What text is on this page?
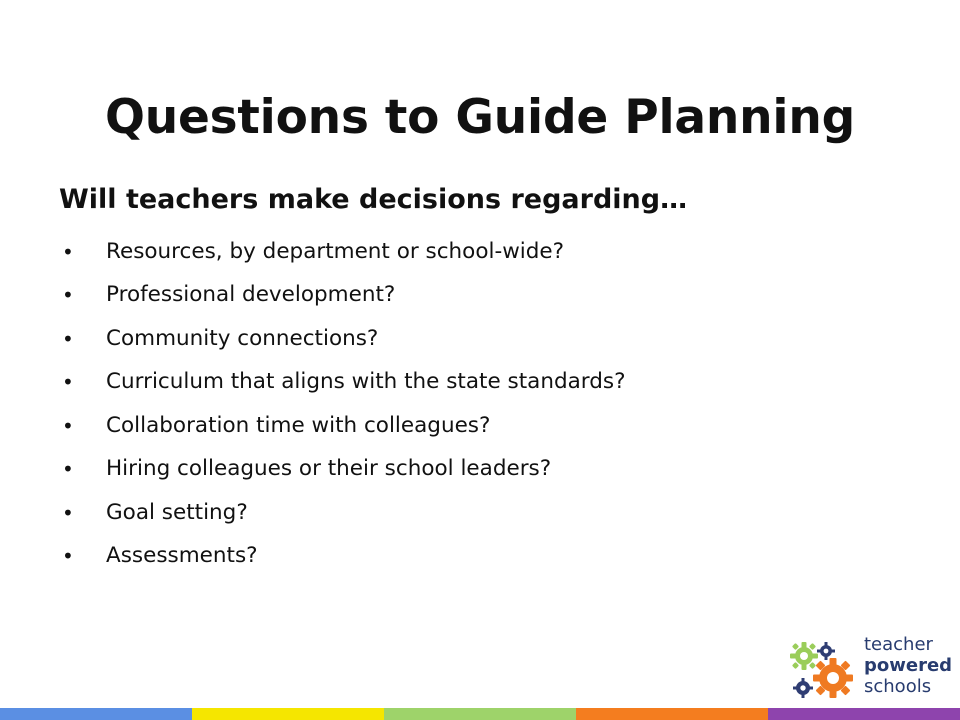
Questions to Guide Planning
Will teachers make decisions regarding…
•	Resources, by department or school-wide?
•	Professional development?
•	Community connections?
•	Curriculum that aligns with the state standards?
•	Collaboration time with colleagues?
•	Hiring colleagues or their school leaders?
•	Goal setting?
•	Assessments?
teacher
powered
schools
